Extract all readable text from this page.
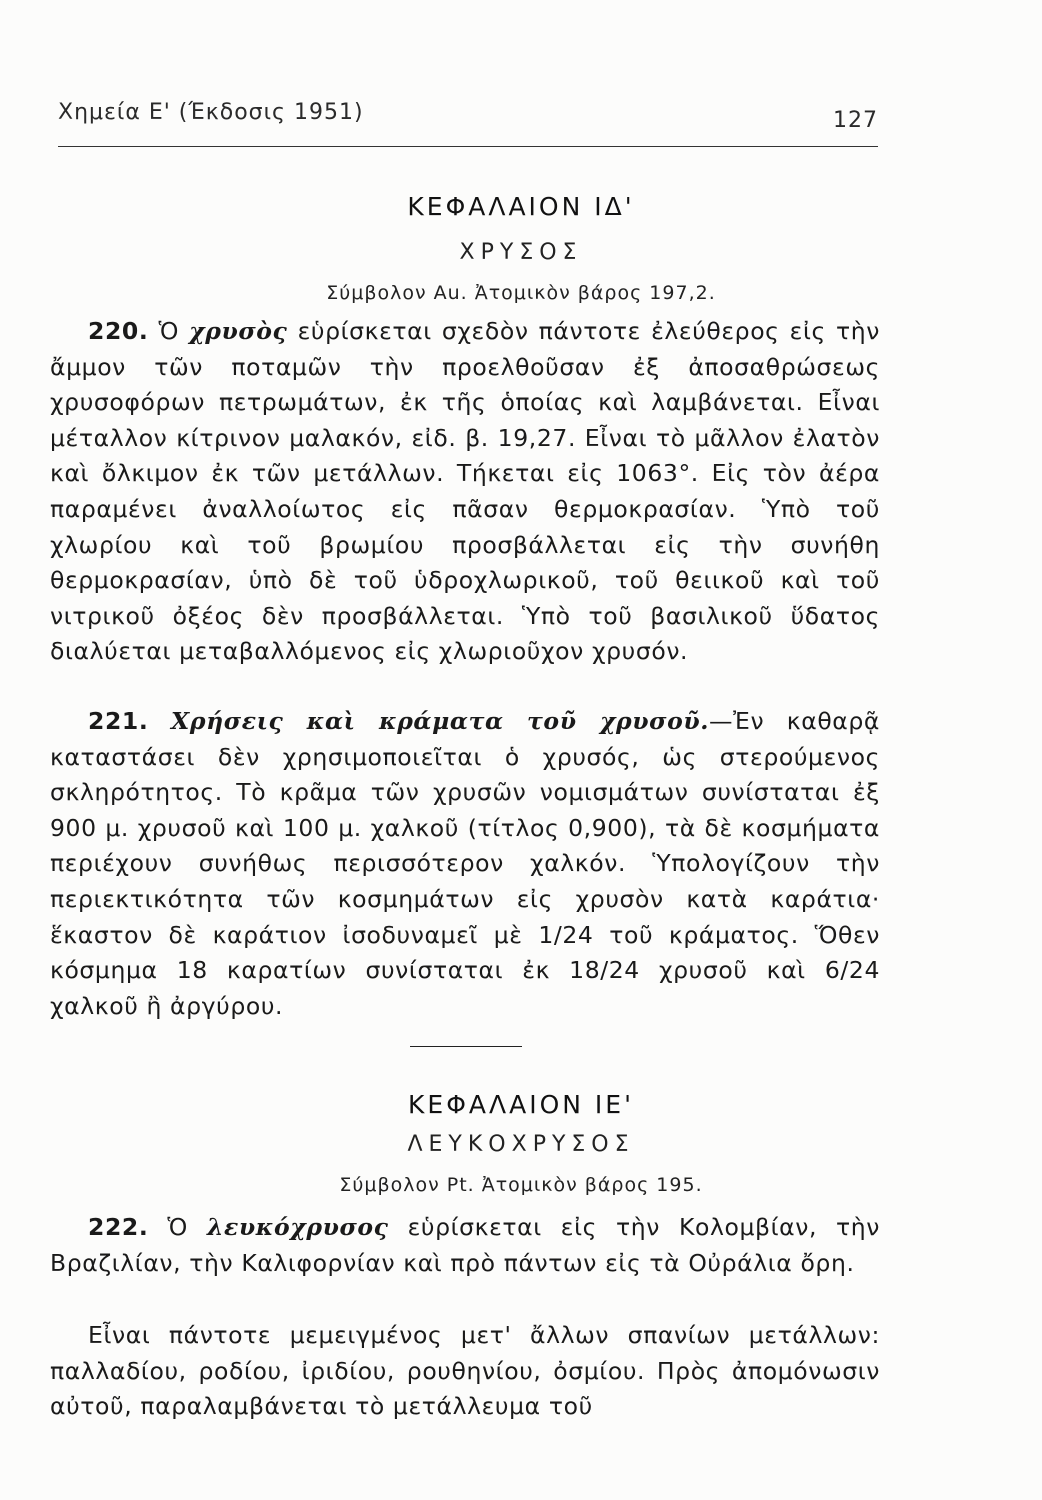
Χημεία Ε' (Έκδοσις 1951)	127
ΚΕΦΑΛΑΙΟΝ ΙΔ'
ΧΡΥΣΟΣ
Σύμβολον Au. Ἀτομικὸν βάρος 197,2.

220. Ὁ χρυσὸς εὑρίσκεται σχεδὸν πάντοτε ἐλεύθερος εἰς τὴν ἄμμον τῶν ποταμῶν τὴν προελθοῦσαν ἐξ ἀποσαθρώσεως χρυσοφόρων πετρωμάτων, ἐκ τῆς ὁποίας καὶ λαμβάνεται. Εἶναι μέταλλον κίτρινον μαλακόν, εἰδ. β. 19,27. Εἶναι τὸ μᾶλλον ἐλατὸν καὶ ὄλκιμον ἐκ τῶν μετάλλων. Τήκεται εἰς 1063°. Εἰς τὸν ἀέρα παραμένει ἀναλλοίωτος εἰς πᾶσαν θερμοκρασίαν. Ὑπὸ τοῦ χλωρίου καὶ τοῦ βρωμίου προσβάλλεται εἰς τὴν συνήθη θερμοκρασίαν, ὑπὸ δὲ τοῦ ὑδροχλωρικοῦ, τοῦ θειικοῦ καὶ τοῦ νιτρικοῦ ὀξέος δὲν προσβάλλεται. Ὑπὸ τοῦ βασιλικοῦ ὕδατος διαλύεται μεταβαλλόμενος εἰς χλωριοῦχον χρυσόν.

221. Χρήσεις καὶ κράματα τοῦ χρυσοῦ.—Ἐν καθαρᾷ καταστάσει δὲν χρησιμοποιεῖται ὁ χρυσός, ὡς στερούμενος σκληρότητος. Τὸ κρᾶμα τῶν χρυσῶν νομισμάτων συνίσταται ἐξ 900 μ. χρυσοῦ καὶ 100 μ. χαλκοῦ (τίτλος 0,900), τὰ δὲ κοσμήματα περιέχουν συνήθως περισσότερον χαλκόν. Ὑπολογίζουν τὴν περιεκτικότητα τῶν κοσμημάτων εἰς χρυσὸν κατὰ καράτια· ἕκαστον δὲ καράτιον ἰσοδυναμεῖ μὲ 1/24 τοῦ κράματος. Ὅθεν κόσμημα 18 καρατίων συνίσταται ἐκ 18/24 χρυσοῦ καὶ 6/24 χαλκοῦ ἢ ἀργύρου.

ΚΕΦΑΛΑΙΟΝ ΙΕ'
ΛΕΥΚΟΧΡΥΣΟΣ
Σύμβολον Pt. Ἀτομικὸν βάρος 195.

222. Ὁ λευκόχρυσος εὑρίσκεται εἰς τὴν Κολομβίαν, τὴν Βραζιλίαν, τὴν Καλιφορνίαν καὶ πρὸ πάντων εἰς τὰ Οὐράλια ὄρη.

Εἶναι πάντοτε μεμειγμένος μετ' ἄλλων σπανίων μετάλλων: παλλαδίου, ροδίου, ἰριδίου, ρουθηνίου, ὀσμίου. Πρὸς ἀπομόνωσιν αὐτοῦ, παραλαμβάνεται τὸ μετάλλευμα τοῦ
